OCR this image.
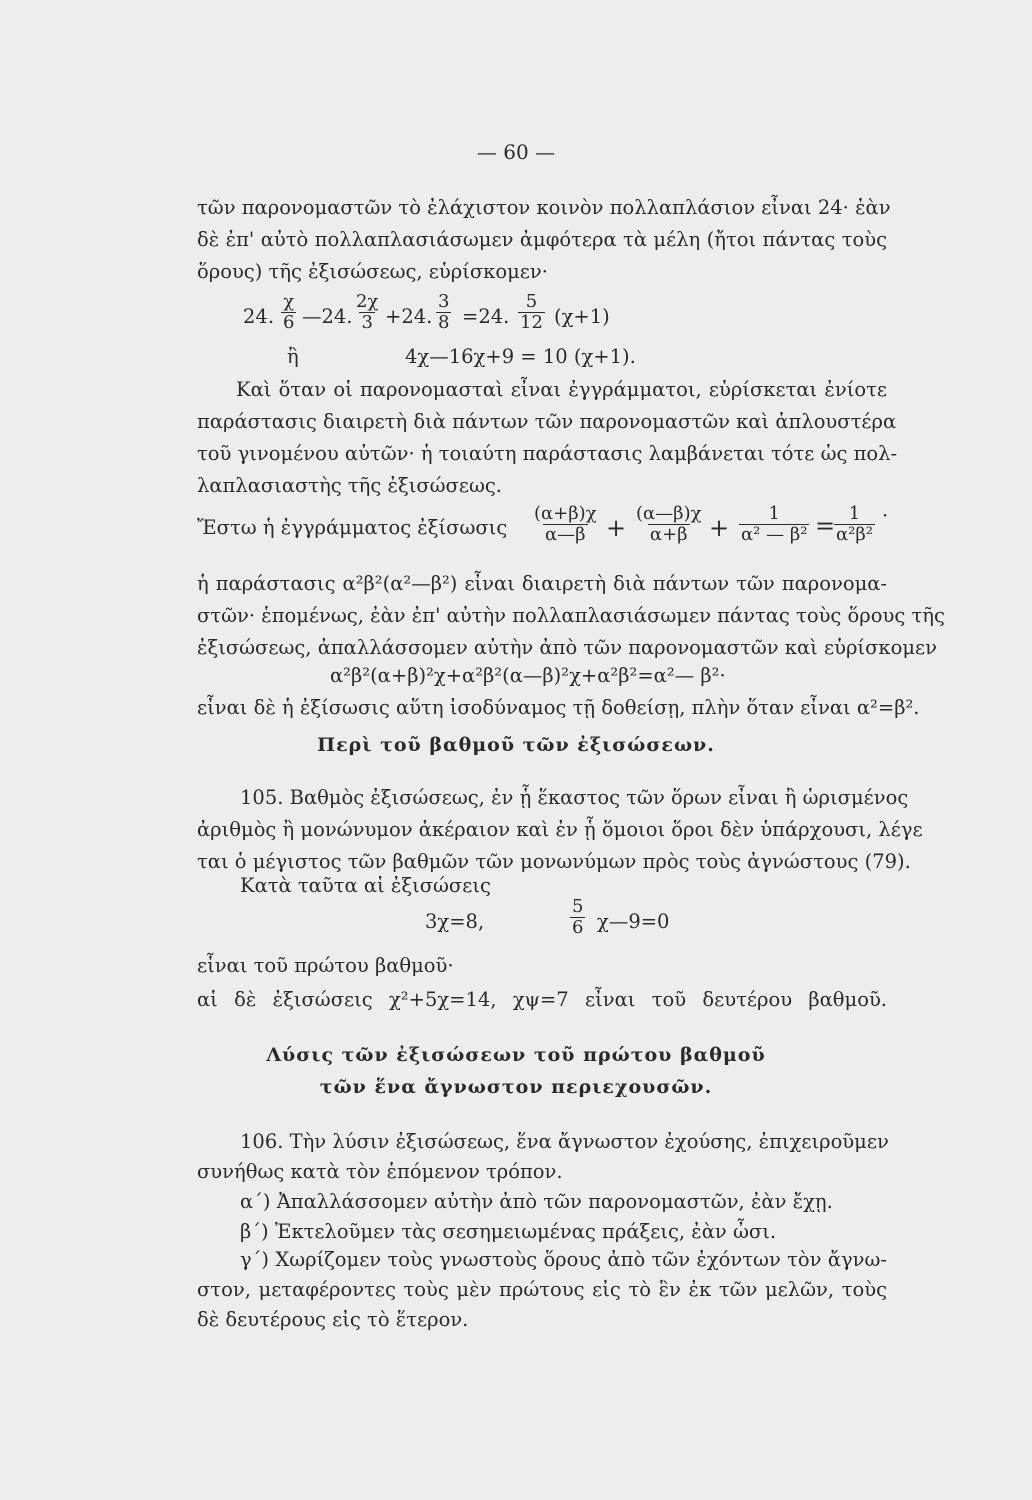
— 60 —
τῶν παρονομαστῶν τὸ ἐλάχιστον κοινὸν πολλαπλάσιον εἶναι 24· ἐὰν
δὲ ἐπ' αὐτὸ πολλαπλασιάσωμεν ἀμφότερα τὰ μέλη (ἤτοι πάντας τοὺς
ὅρους) τῆς ἐξισώσεως, εὑρίσκομεν·
24. $\frac{\chi}{6}$ —24. $\frac{2\chi}{3} +24$. $\frac{3}{8} =24$. $\frac{5}{12} (\chi+1)$
ἢ	4χ—16χ+9 = 10 (χ+1).
Καὶ ὅταν οἱ παρονομασταὶ εἶναι ἐγγράμματοι, εὑρίσκεται ἐνίοτε
παράστασις διαιρετὴ διὰ πάντων τῶν παρονομαστῶν καὶ ἁπλουστέρα
τοῦ γινομένου αὐτῶν· ἡ τοιαύτη παράστασις λαμβάνεται τότε ὡς πολ-
λαπλασιαστὴς τῆς ἐξισώσεως.
Ἔστω ἡ ἐγγράμματος ἐξίσωσις $\frac{(\alpha+\beta)\chi}{\alpha—\beta} + \frac{(\alpha—\beta)\chi}{\alpha+\beta} + \frac{1}{\text{α² — β²}}$ =
$\frac{1}{\text{α²β²}}$ ·
ἡ παράστασις α²β²(α²—β²) εἶναι διαιρετὴ διὰ πάντων τῶν παρονομα-
στῶν· ἑπομένως, ἐὰν ἐπ' αὐτὴν πολλαπλασιάσωμεν πάντας τοὺς ὅρους τῆς
ἐξισώσεως, ἀπαλλάσσομεν αὐτὴν ἀπὸ τῶν παρονομαστῶν καὶ εὑρίσκομεν
α²β²(α+β)²χ+α²β²(α—β)²χ+α²β²=α²— β²·
εἶναι δὲ ἡ ἐξίσωσις αὕτη ἰσοδύναμος τῇ δοθείσῃ, πλὴν ὅταν εἶναι α²=β².
Περὶ τοῦ βαθμοῦ τῶν ἐξισώσεων.
105. Βαθμὸς ἐξισώσεως, ἐν ᾗ ἕκαστος τῶν ὅρων εἶναι ἢ ὡρισμένος
ἀριθμὸς ἢ μονώνυμον ἀκέραιον καὶ ἐν ᾗ ὅμοιοι ὅροι δὲν ὑπάρχουσι, λέγε
ται ὁ μέγιστος τῶν βαθμῶν τῶν μονωνύμων πρὸς τοὺς ἀγνώστους (79).
Κατὰ ταῦτα αἱ ἐξισώσεις
3χ=8,	$\frac{5}{6}$ χ—9=0
εἶναι τοῦ πρώτου βαθμοῦ·
αἱ δὲ ἐξισώσεις χ²+5χ=14, χψ=7 εἶναι τοῦ δευτέρου βαθμοῦ.
Λύσις τῶν ἐξισώσεων τοῦ πρώτου βαθμοῦ
τῶν ἕνα ἄγνωστον περιεχουσῶν.
106. Τὴν λύσιν ἐξισώσεως, ἕνα ἄγνωστον ἐχούσης, ἐπιχειροῦμεν
συνήθως κατὰ τὸν ἑπόμενον τρόπον.
α΄) Ἀπαλλάσσομεν αὐτὴν ἀπὸ τῶν παρονομαστῶν, ἐὰν ἔχῃ.
β΄) Ἐκτελοῦμεν τὰς σεσημειωμένας πράξεις, ἐὰν ὦσι.
γ΄) Χωρίζομεν τοὺς γνωστοὺς ὅρους ἀπὸ τῶν ἐχόντων τὸν ἄγνω-
στον, μεταφέροντες τοὺς μὲν πρώτους εἰς τὸ ἓν ἐκ τῶν μελῶν, τοὺς
δὲ δευτέρους εἰς τὸ ἕτερον.
